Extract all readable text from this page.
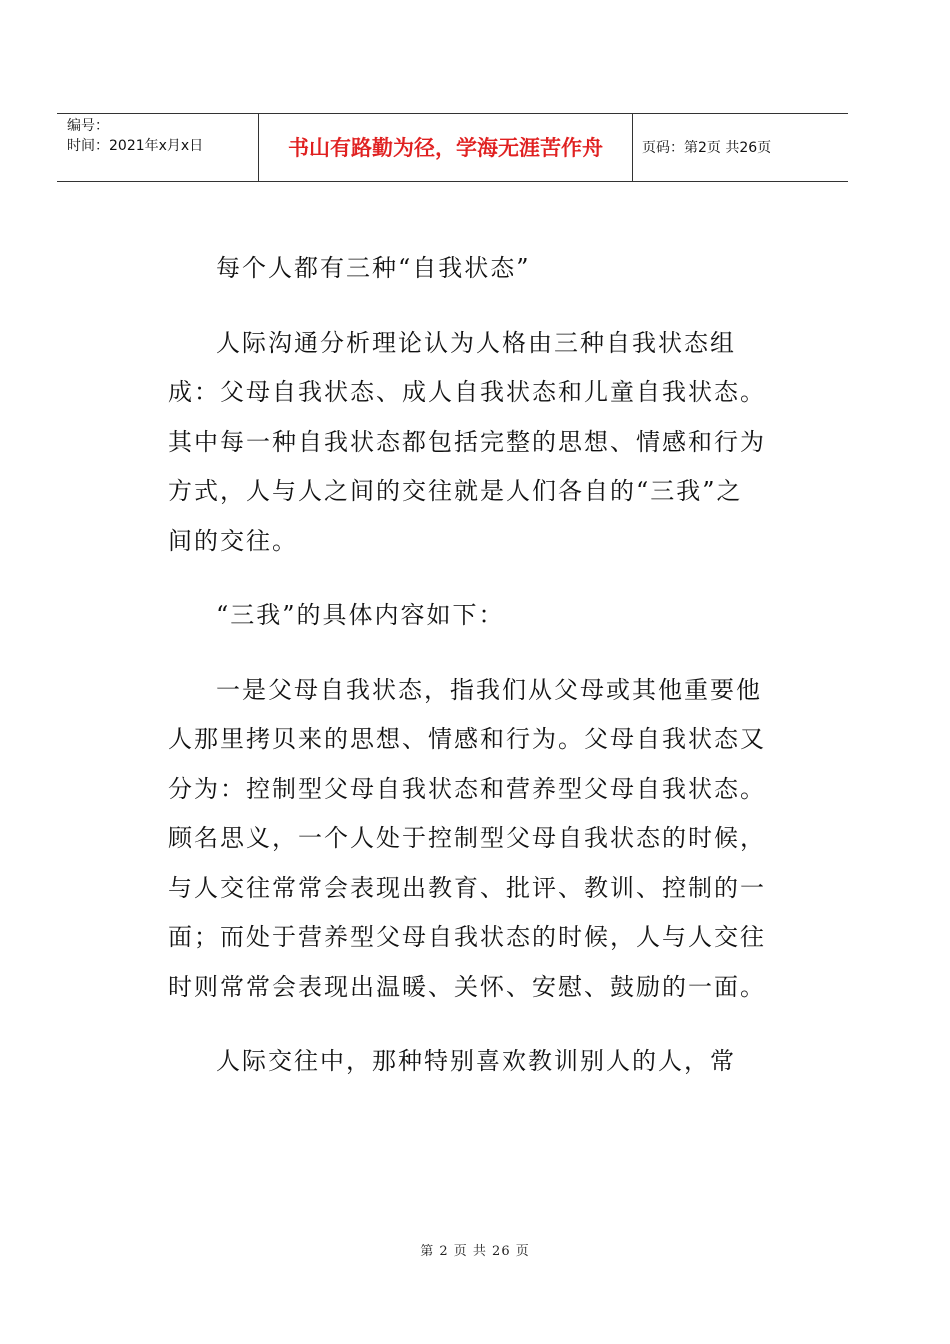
编号：
时间：2021年x月x日	书山有路勤为径，学海无涯苦作舟	页码：第2页 共26页

每个人都有三种“自我状态”

人际沟通分析理论认为人格由三种自我状态组成：父母自我状态、成人自我状态和儿童自我状态。其中每一种自我状态都包括完整的思想、情感和行为方式，人与人之间的交往就是人们各自的“三我”之间的交往。

“三我”的具体内容如下：

一是父母自我状态，指我们从父母或其他重要他人那里拷贝来的思想、情感和行为。父母自我状态又分为：控制型父母自我状态和营养型父母自我状态。顾名思义，一个人处于控制型父母自我状态的时候，与人交往常常会表现出教育、批评、教训、控制的一面；而处于营养型父母自我状态的时候，人与人交往时则常常会表现出温暖、关怀、安慰、鼓励的一面。

人际交往中，那种特别喜欢教训别人的人，常

第 2 页 共 26 页
